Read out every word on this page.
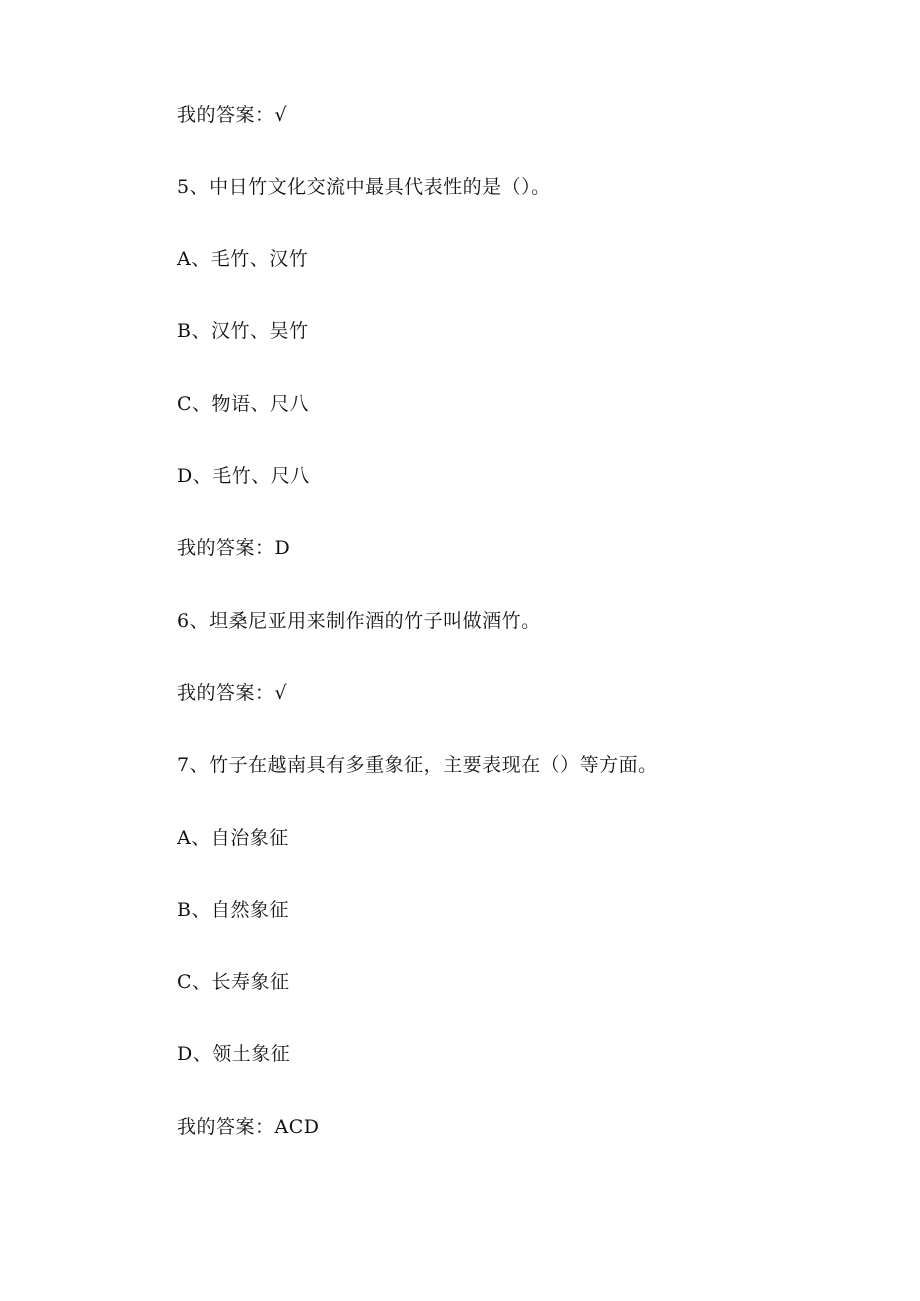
我的答案：√
5、中日竹文化交流中最具代表性的是（）。
A、毛竹、汉竹
B、汉竹、吴竹
C、物语、尺八
D、毛竹、尺八
我的答案：D
6、坦桑尼亚用来制作酒的竹子叫做酒竹。
我的答案：√
7、竹子在越南具有多重象征，主要表现在（）等方面。
A、自治象征
B、自然象征
C、长寿象征
D、领土象征
我的答案：ACD
